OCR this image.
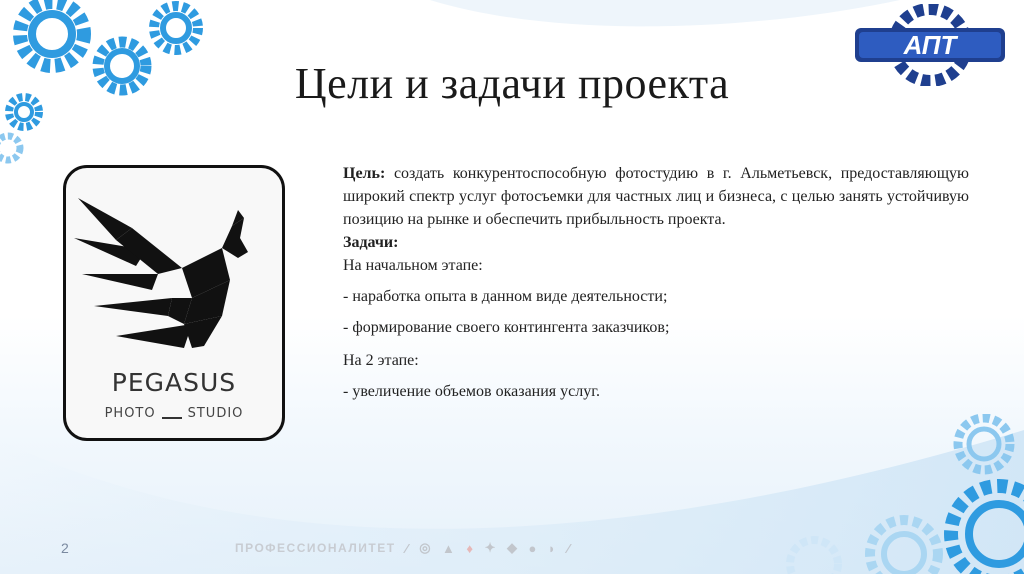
АПТ
Цели и задачи проекта
PEGASUS
PHOTO STUDIO

Цель: создать конкурентоспособную фотостудию в г. Альметьевск, предоставляющую широкий спектр услуг фотосъемки для частных лиц и бизнеса, с целью занять устойчивую позицию на рынке и обеспечить прибыльность проекта.

Задачи:
На начальном этапе:
- наработка опыта в данном виде деятельности;
- формирование своего контингента заказчиков;
На 2 этапе:
- увеличение объемов оказания услуг.
2	ПРОФЕССИОНАЛИТЕТ ⁄ ◎ ▲ ♦ ✦ ◆ ● ◗ ⁄
